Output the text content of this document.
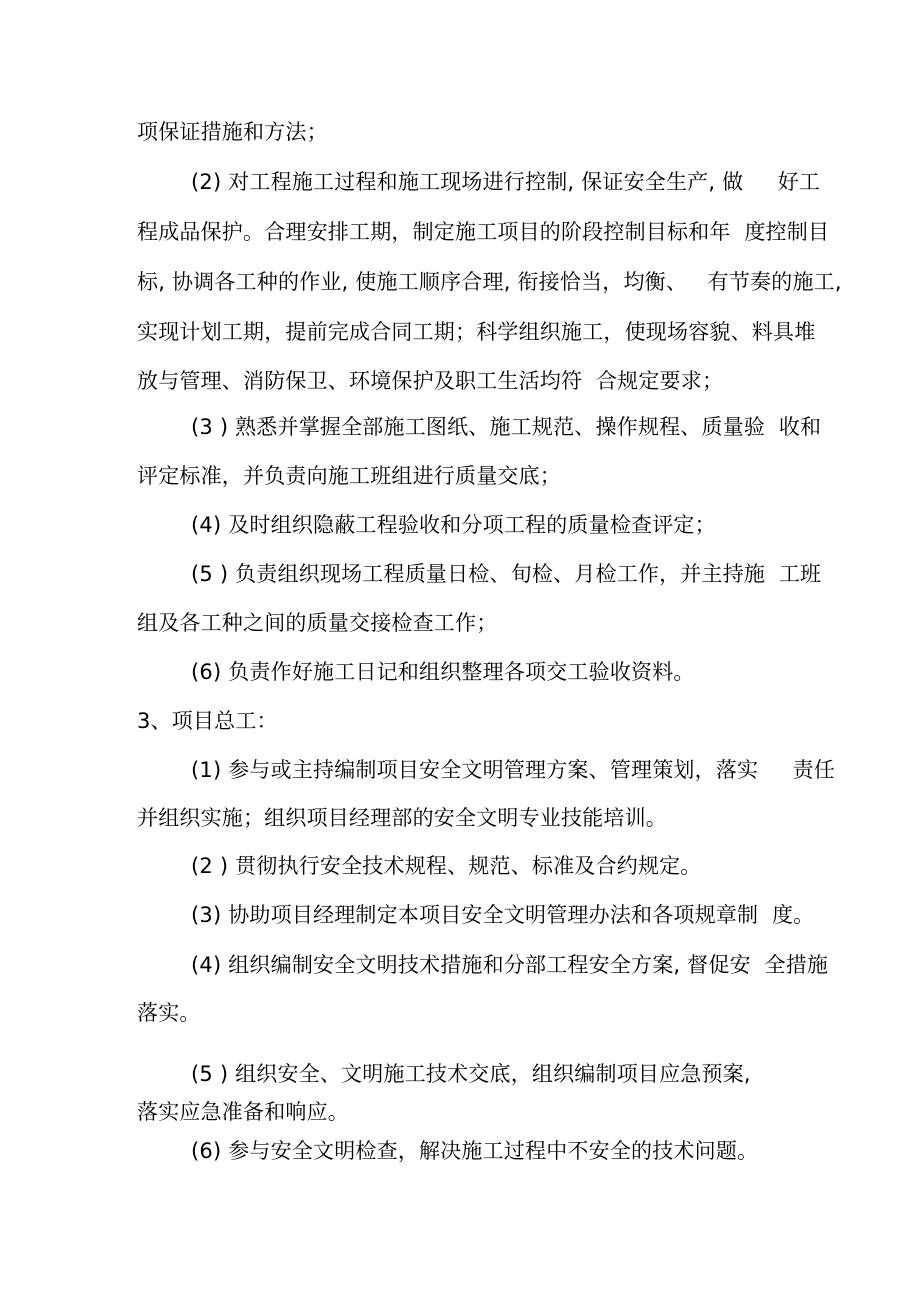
项保证措施和方法；
(2) 对工程施工过程和施工现场进行控制, 保证安全生产, 做     好工
程成品保护。合理安排工期，制定施工项目的阶段控制目标和年  度控制目
标, 协调各工种的作业, 使施工顺序合理, 衔接恰当，均衡、   有节奏的施工,
实现计划工期，提前完成合同工期；科学组织施工，使现场容貌、料具堆
放与管理、消防保卫、环境保护及职工生活均符  合规定要求；
(3 ) 熟悉并掌握全部施工图纸、施工规范、操作规程、质量验  收和
评定标准，并负责向施工班组进行质量交底；
(4) 及时组织隐蔽工程验收和分项工程的质量检查评定；
(5 ) 负责组织现场工程质量日检、旬检、月检工作，并主持施  工班
组及各工种之间的质量交接检查工作；
(6) 负责作好施工日记和组织整理各项交工验收资料。
3、项目总工：
(1) 参与或主持编制项目安全文明管理方案、管理策划，落实     责任
并组织实施；组织项目经理部的安全文明专业技能培训。
(2 ) 贯彻执行安全技术规程、规范、标准及合约规定。
(3) 协助项目经理制定本项目安全文明管理办法和各项规章制  度。
(4) 组织编制安全文明技术措施和分部工程安全方案, 督促安  全措施
落实。
(5 ) 组织安全、文明施工技术交底，组织编制项目应急预案,
落实应急准备和响应。
(6) 参与安全文明检查，解决施工过程中不安全的技术问题。
